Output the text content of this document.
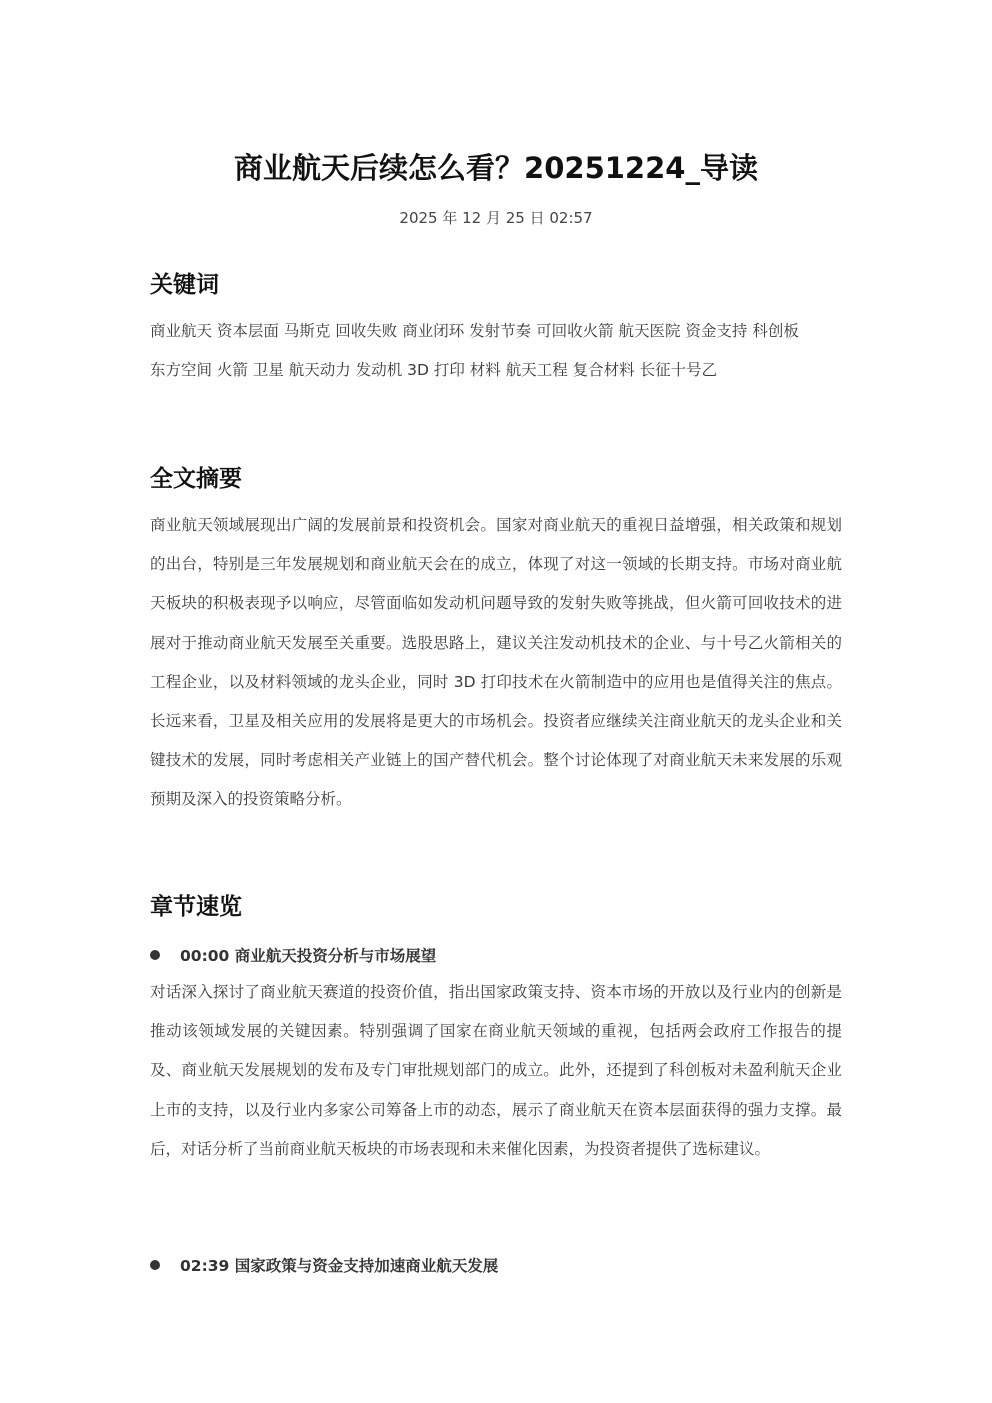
商业航天后续怎么看？20251224_导读
2025 年 12 月 25 日 02:57
关键词
商业航天 资本层面 马斯克 回收失败 商业闭环 发射节奏 可回收火箭 航天医院 资金支持 科创板
东方空间 火箭 卫星 航天动力 发动机 3D 打印 材料 航天工程 复合材料 长征十号乙
全文摘要
商业航天领域展现出广阔的发展前景和投资机会。国家对商业航天的重视日益增强，相关政策和规划的出台，特别是三年发展规划和商业航天会在的成立，体现了对这一领域的长期支持。市场对商业航天板块的积极表现予以响应，尽管面临如发动机问题导致的发射失败等挑战，但火箭可回收技术的进展对于推动商业航天发展至关重要。选股思路上，建议关注发动机技术的企业、与十号乙火箭相关的工程企业，以及材料领域的龙头企业，同时 3D 打印技术在火箭制造中的应用也是值得关注的焦点。长远来看，卫星及相关应用的发展将是更大的市场机会。投资者应继续关注商业航天的龙头企业和关键技术的发展，同时考虑相关产业链上的国产替代机会。整个讨论体现了对商业航天未来发展的乐观预期及深入的投资策略分析。
章节速览
00:00 商业航天投资分析与市场展望
对话深入探讨了商业航天赛道的投资价值，指出国家政策支持、资本市场的开放以及行业内的创新是推动该领域发展的关键因素。特别强调了国家在商业航天领域的重视，包括两会政府工作报告的提及、商业航天发展规划的发布及专门审批规划部门的成立。此外，还提到了科创板对未盈利航天企业上市的支持，以及行业内多家公司筹备上市的动态，展示了商业航天在资本层面获得的强力支撑。最后，对话分析了当前商业航天板块的市场表现和未来催化因素，为投资者提供了选标建议。
02:39 国家政策与资金支持加速商业航天发展
